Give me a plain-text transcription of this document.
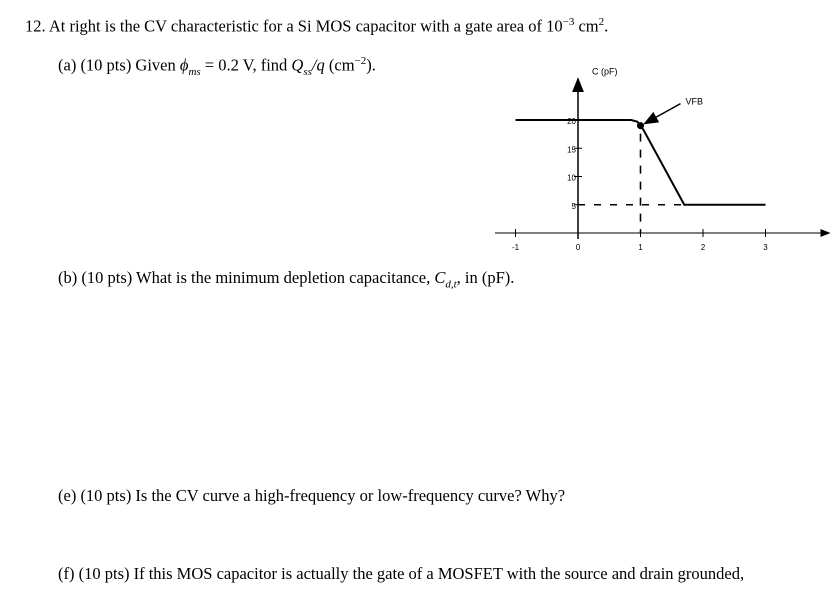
12. At right is the CV characteristic for a Si MOS capacitor with a gate area of $10^{-3}$ $cm^2$.
(a) (10 pts) Given $\phi_{ms} = 0.2$ V, find $Q_{ss}/q$ $(cm^{-2})$.
(b) (10 pts) What is the minimum depletion capacitance, $C_{d,t}$, in (pF).
(e) (10 pts) Is the CV curve a high-frequency or low-frequency curve? Why?
(f) (10 pts) If this MOS capacitor is actually the gate of a MOSFET with the source and drain grounded,
-1	0	1	2	3
5
10
15
20
C (pF)
VFB
